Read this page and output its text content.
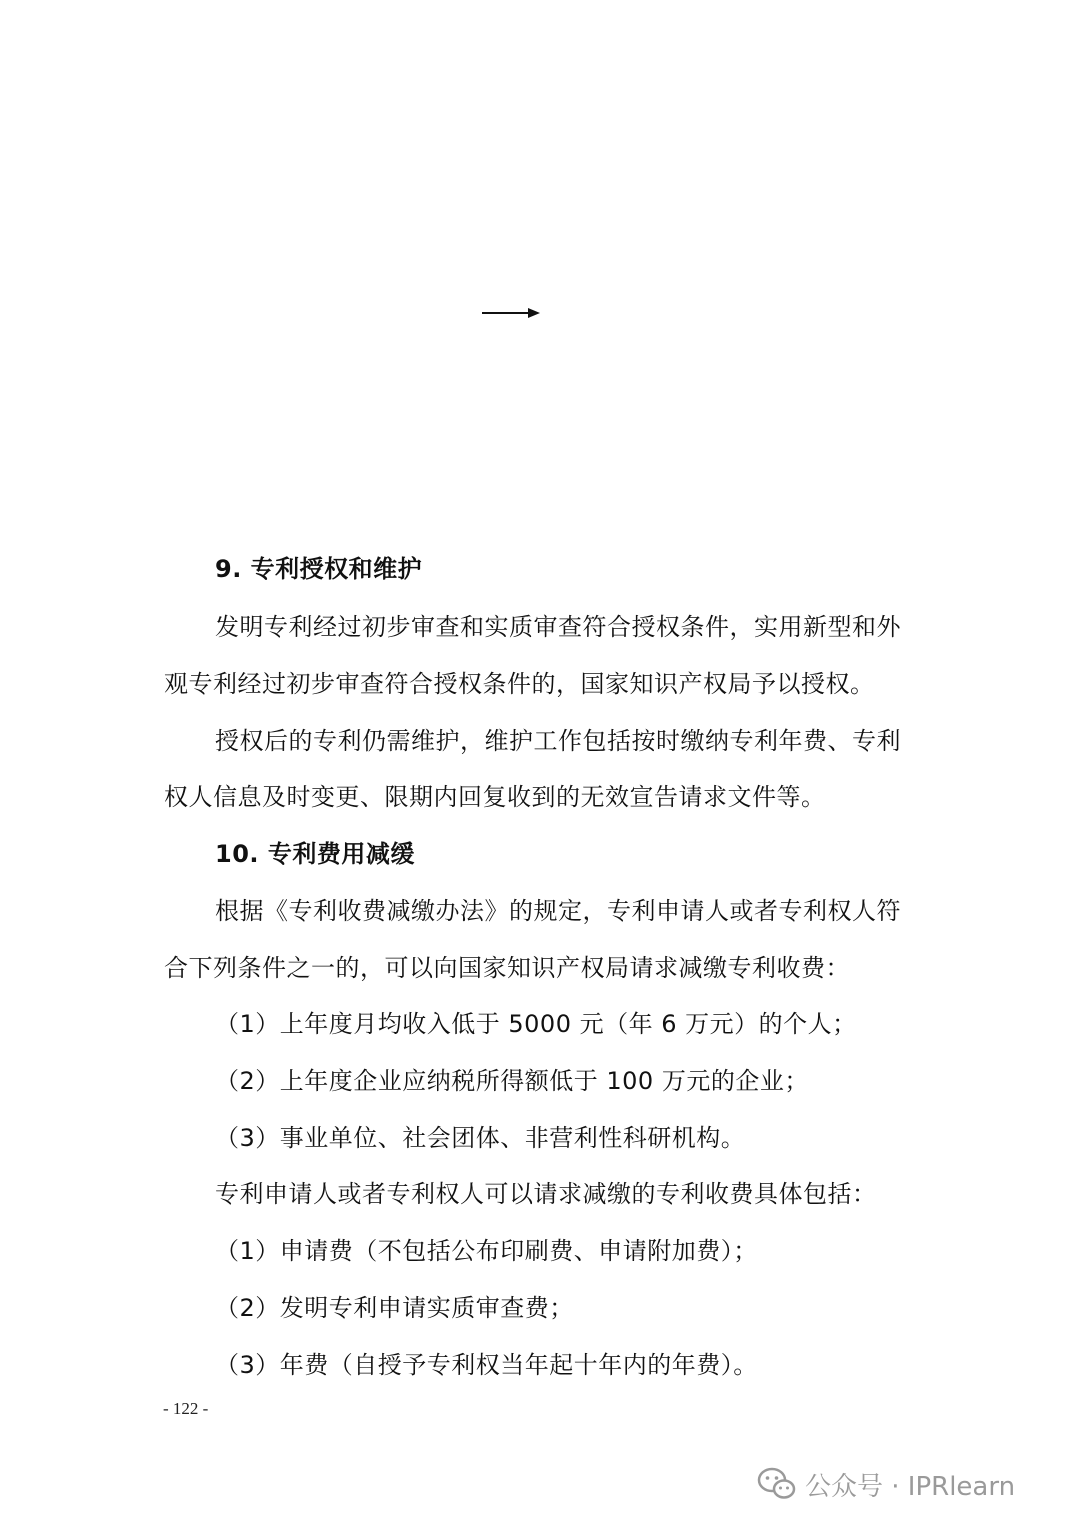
9. 专利授权和维护
发明专利经过初步审查和实质审查符合授权条件，实用新型和外
观专利经过初步审查符合授权条件的，国家知识产权局予以授权。
授权后的专利仍需维护，维护工作包括按时缴纳专利年费、专利
权人信息及时变更、限期内回复收到的无效宣告请求文件等。
10. 专利费用减缓
根据《专利收费减缴办法》的规定，专利申请人或者专利权人符
合下列条件之一的，可以向国家知识产权局请求减缴专利收费：
（1）上年度月均收入低于 5000 元（年 6 万元）的个人；
（2）上年度企业应纳税所得额低于 100 万元的企业；
（3）事业单位、社会团体、非营利性科研机构。
专利申请人或者专利权人可以请求减缴的专利收费具体包括：
（1）申请费（不包括公布印刷费、申请附加费）；
（2）发明专利申请实质审查费；
（3）年费（自授予专利权当年起十年内的年费）。
- 122 -
公众号 · IPRlearn
